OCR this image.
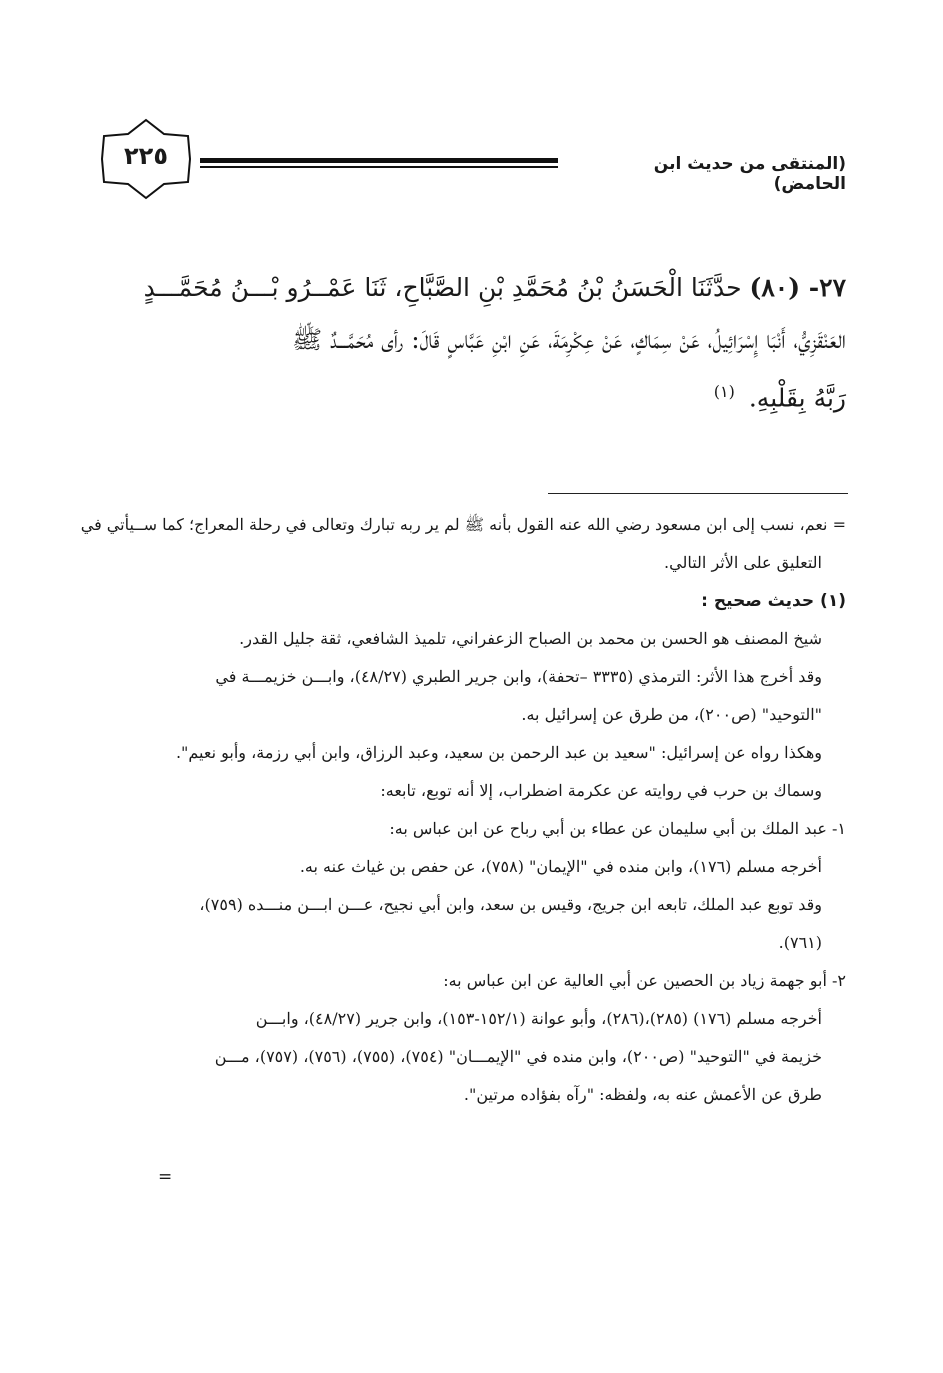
(المنتقى من حديث ابن الحامض)
٢٢٥
٢٧- (٨٠) حدَّثَنَا الْحَسَنُ بْنُ مُحَمَّدِ بْنِ الصَّبَّاحِ، ثَنَا عَمْــرُو بْـــنُ مُحَمَّـــدٍ
العَنْقَزِيُّ، أَنْبَا إِسْرَائِيلُ، عَنْ سِمَاكٍ، عَنْ عِكْرِمَةَ، عَنِ ابْنِ عَبَّاسٍ قَالَ: رأى مُحَمَّـــدٌ ﷺ
رَبَّهُ بِقَلْبِهِ. $^{(١)}$
= نعم، نسب إلى ابن مسعود رضي الله عنه القول بأنه ﷺ لم ير ربه تبارك وتعالى في رحلة المعراج؛ كما ســيأتي في
التعليق على الأثر التالي.
(١) حديث صحيح :
شيخ المصنف هو الحسن بن محمد بن الصباح الزعفراني، تلميذ الشافعي، ثقة جليل القدر.
وقد أخرج هذا الأثر: الترمذي (٣٣٣٥ –تحفة)، وابن جرير الطبري (٤٨/٢٧)، وابـــن خزيمـــة في
"التوحيد" (ص٢٠٠)، من طرق عن إسرائيل به.
وهكذا رواه عن إسرائيل: "سعيد بن عبد الرحمن بن سعيد، وعبد الرزاق، وابن أبي رزمة، وأبو نعيم".
وسماك بن حرب في روايته عن عكرمة اضطراب، إلا أنه توبع، تابعه:
١- عبد الملك بن أبي سليمان عن عطاء بن أبي رباح عن ابن عباس به:
أخرجه مسلم (١٧٦)، وابن منده في "الإيمان" (٧٥٨)، عن حفص بن غياث عنه به.
وقد توبع عبد الملك، تابعه ابن جريج، وقيس بن سعد، وابن أبي نجيح، عـــن ابـــن منـــده (٧٥٩)،
(٧٦١).
٢- أبو جهمة زياد بن الحصين عن أبي العالية عن ابن عباس به:
أخرجه مسلم (١٧٦) (٢٨٥)،(٢٨٦)، وأبو عوانة (١٥٢/١-١٥٣)، وابن جرير (٤٨/٢٧)، وابـــن
خزيمة في "التوحيد" (ص٢٠٠)، وابن منده في "الإيمـــان" (٧٥٤)، (٧٥٥)، (٧٥٦)، (٧٥٧)، مـــن
طرق عن الأعمش عنه به، ولفظه: "رآه بفؤاده مرتين".
=
